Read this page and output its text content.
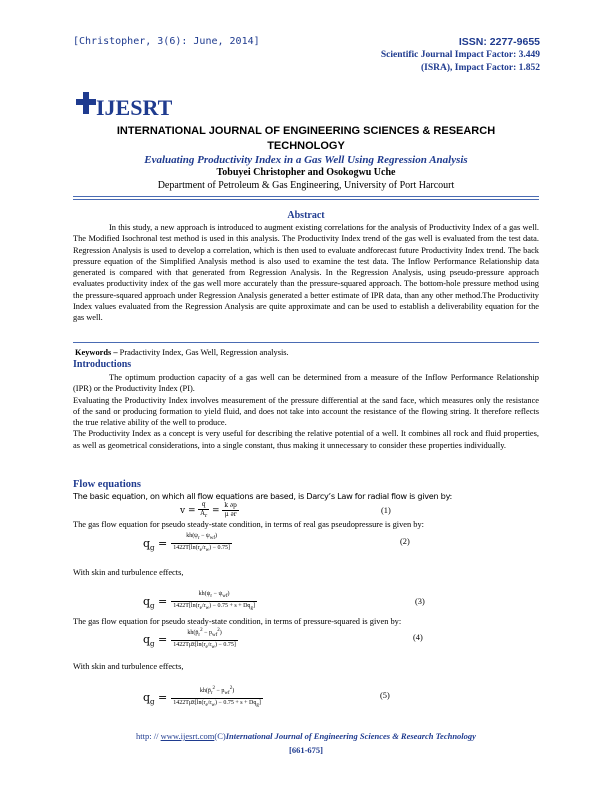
[Christopher, 3(6): June, 2014]	ISSN: 2277-9655
Scientific Journal Impact Factor: 3.449
(ISRA), Impact Factor: 1.852
IJESRT
INTERNATIONAL JOURNAL OF ENGINEERING SCIENCES & RESEARCH
TECHNOLOGY
Evaluating Productivity Index in a Gas Well Using Regression Analysis
Tobuyei Christopher and Osokogwu Uche
Department of Petroleum & Gas Engineering, University of Port Harcourt
Abstract
In this study, a new approach is introduced to augment existing correlations for the analysis of Productivity Index of a gas well. The Modified Isochronal test method is used in this analysis. The Productivity Index trend of the gas well is evaluated from the test data. Regression Analysis is used to develop a correlation, which is then used to evaluate andforecast future Productivity Index trend. The back pressure equation of the Simplified Analysis method is also used to examine the test data. The Inflow Performance Relationship data generated is compared with that generated from Regression Analysis. In the Regression Analysis, using pseudo-pressure approach evaluates productivity index of the gas well more accurately than the pressure-squared approach. The bottom-hole pressure method using the pressure-squared approach under Regression Analysis generated a better estimate of IPR data, than any other method.The Productivity Index values evaluated from the Regression Analysis are quite approximate and can be used to establish a deliverability equation for the gas well.
Keywords – Pradactivity Index, Gas Well, Regression analysis.
Introductions
The optimum production capacity of a gas well can be determined from a measure of the Inflow Performance Relationship (IPR) or the Productivity Index (PI).
Evaluating the Productivity Index involves measurement of the pressure differential at the sand face, which measures only the resistance of the sand or producing formation to yield fluid, and does not take into account the resistance of the flowing string. It therefore reflects the true relative ability of the well to produce.
The Productivity Index as a concept is very useful for describing the relative potential of a well. It combines all rock and fluid properties, as well as geometrical considerations, into a single constant, thus making it unnecessary to consider these properties individually.
Flow equations
The basic equation, on which all flow equations are based, is Darcy’s Law for radial flow is given by:
$v = \frac{q}{A_r} = \frac{k \partial p}{\mu \partial r}$	(1)
The gas flow equation for pseudo steady-state condition, in terms of real gas pseudopressure is given by:
$q_g = \frac{kh(\psi_r - \psi_{wf})}{1422T[\ln(r_e/r_w) - 0.75]}$	(2)
With skin and turbulence effects,
$q_g = \frac{kh(\psi_r - \psi_{wf})}{1422T[\ln(r_e/r_w) - 0.75 + s + Dq_g]}$	(3)
The gas flow equation for pseudo steady-state condition, in terms of pressure-squared is given by:
$q_g = \frac{kh(p̄_r^2 - p_{wf}^2)}{1422T\mūz̄[\ln(r_e/r_w) - 0.75]}$	(4)
With skin and turbulence effects,
$q_g = \frac{kh(p̄_r^2 - p_{wf}^2)}{1422T\mūz̄[\ln(r_e/r_w) - 0.75 + s + Dq_g]}$	(5)
http: // www.ijesrt.com(C)International Journal of Engineering Sciences & Research Technology
[661-675]
